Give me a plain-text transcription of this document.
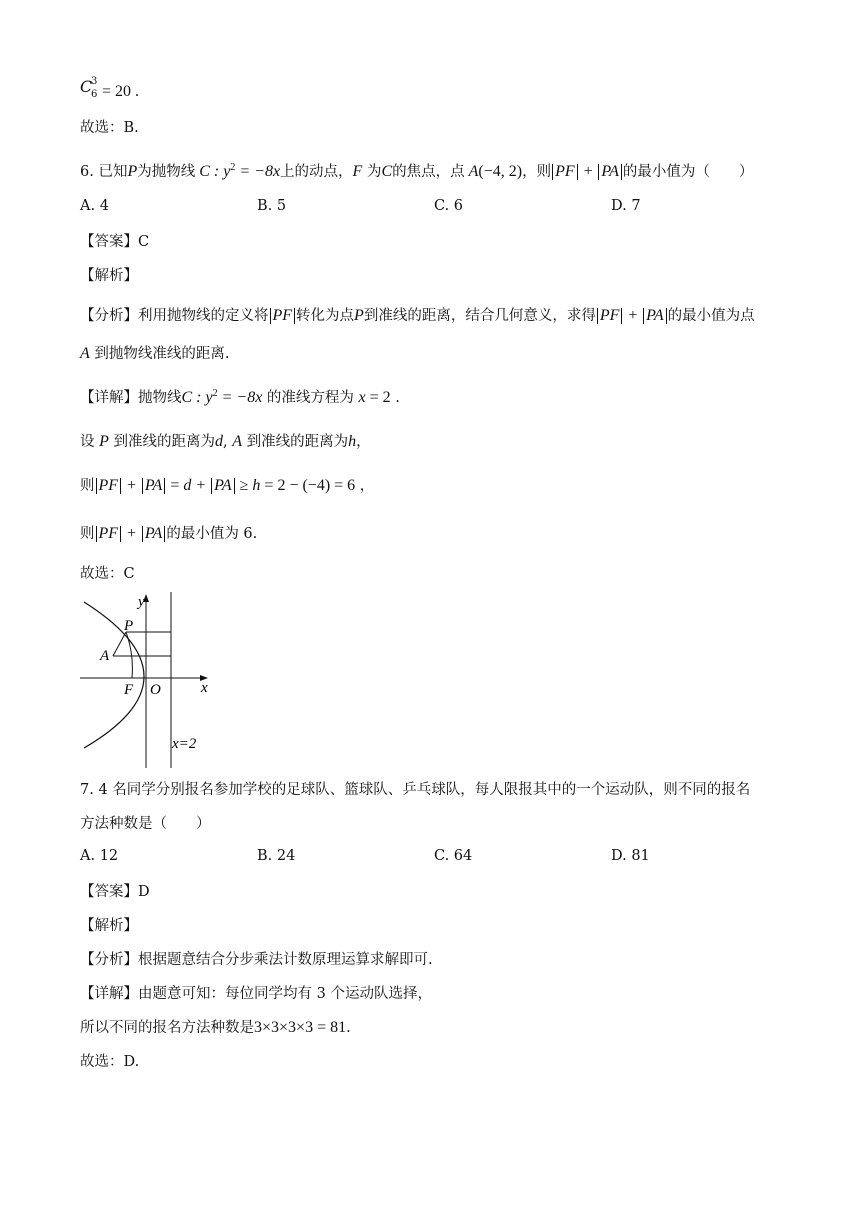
C
3
6 = 20 .
故选：B.
6. 已知P为抛物线 C : $y^2 = -8x$上的动点，F 为C的焦点，点 A(−4, 2)，则 PF + PA 的最小值为（　　）
A. 4	B. 5	C. 6	D. 7
【答案】C
【解析】
【分析】利用抛物线的定义将 PF 转化为点P到准线的距离，结合几何意义，求得 PF + PA 的最小值为点
A 到抛物线准线的距离.
【详解】抛物线C : $y^2 = -8x$ 的准线方程为 x = 2 .
设 P 到准线的距离为d, A 到准线的距离为h，
则 PF + PA = d + PA ≥ h = 2 − (−4) = 6 ，
则 PF + PA 的最小值为 6.
故选：C
y
x
P
A
F O
x=2
7. 4 名同学分别报名参加学校的足球队、篮球队、乒乓球队，每人限报其中的一个运动队，则不同的报名
方法种数是（　　）
A. 12	B. 24	C. 64	D. 81
【答案】D
【解析】
【分析】根据题意结合分步乘法计数原理运算求解即可.
【详解】由题意可知：每位同学均有 3 个运动队选择，
所以不同的报名方法种数是3×3×3×3 = 81.
故选：D.
